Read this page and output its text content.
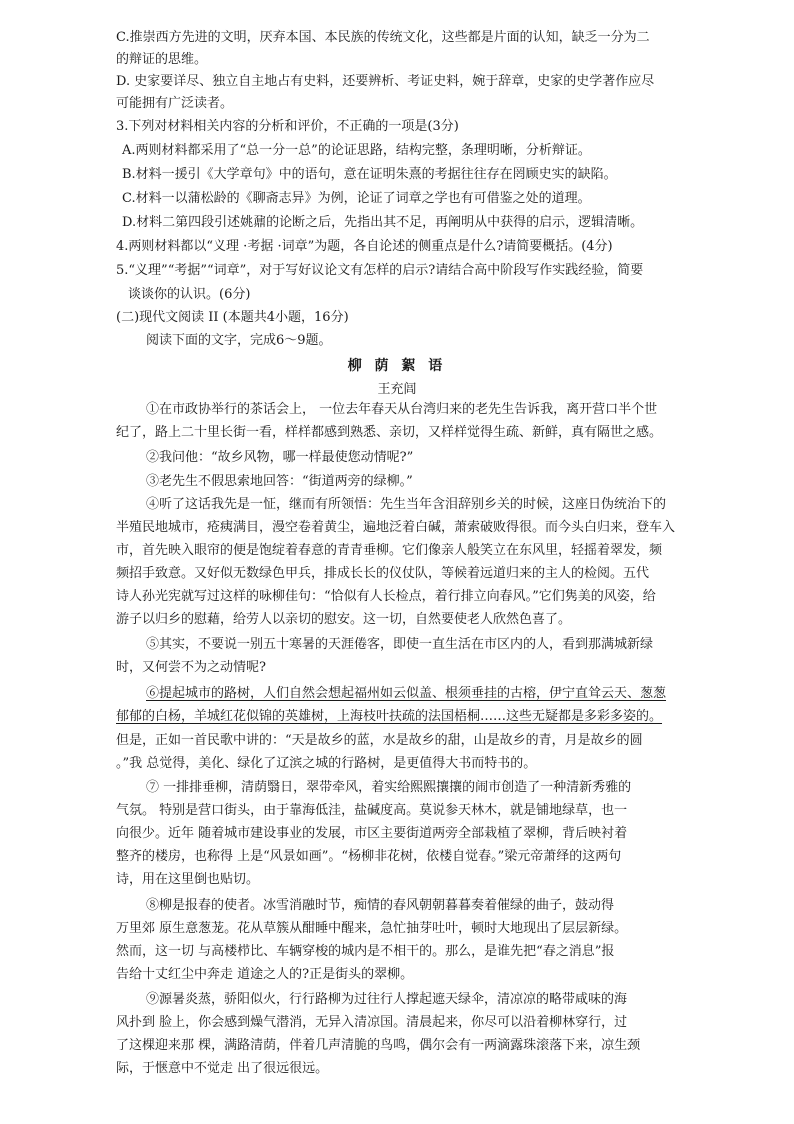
C.推崇西方先进的文明，厌弃本国、本民族的传统文化，这些都是片面的认知，缺乏一分为二
的辩证的思维。
D. 史家要详尽、独立自主地占有史料，还要辨析、考证史料，婉于辞章，史家的史学著作应尽
可能拥有广泛读者。
3.下列对材料相关内容的分析和评价，不正确的一项是(3分)
A.两则材料都采用了“总一分一总”的论证思路，结构完整，条理明晰，分析辩证。
B.材料一援引《大学章句》中的语句，意在证明朱熹的考据往往存在罔顾史实的缺陷。
C.材料一以蒲松龄的《聊斋志异》为例，论证了词章之学也有可借鉴之处的道理。
D.材料二第四段引述姚鼐的论断之后，先指出其不足，再阐明从中获得的启示，逻辑清晰。
4.两则材料都以“义理 ·考据 ·词章”为题，各自论述的侧重点是什么?请简要概括。(4分)
5.“义理”“考据”“词章”，对于写好议论文有怎样的启示?请结合高中阶段写作实践经验，简要
谈谈你的认识。(6分)
(二)现代文阅读 II (本题共4小题，16分)
阅读下面的文字，完成6～9题。
柳 荫 絮 语
王充闾
①在市政协举行的茶话会上， 一位去年春天从台湾归来的老先生告诉我，离开营口半个世
纪了，路上二十里长街一看，样样都感到熟悉、亲切，又样样觉得生疏、新鲜，真有隔世之感。
②我问他：“故乡风物，哪一样最使您动情呢?”
③老先生不假思索地回答：“街道两旁的绿柳。”
④听了这话我先是一怔，继而有所领悟：先生当年含泪辞别乡关的时候，这座日伪统治下的
半殖民地城市，疮痍满目，漫空卷着黄尘，遍地泛着白碱，萧索破败得很。而今头白归来，登车入
市，首先映入眼帘的便是饱绽着春意的青青垂柳。它们像亲人般笑立在东风里，轻摇着翠发，频
频招手致意。又好似无数绿色甲兵，排成长长的仪仗队，等候着远道归来的主人的检阅。五代
诗人孙光宪就写过这样的咏柳佳句：“恰似有人长检点，着行排立向春风。”它们隽美的风姿，给
游子以归乡的慰藉，给劳人以亲切的慰安。这一切，自然要使老人欣然色喜了。
⑤其实，不要说一别五十寒暑的天涯倦客，即使一直生活在市区内的人，看到那满城新绿
时，又何尝不为之动情呢?
⑥提起城市的路树，人们自然会想起福州如云似盖、根须垂挂的古榕，伊宁直耸云天、葱葱
郁郁的白杨，羊城红花似锦的英雄树，上海枝叶扶疏的法国梧桐……这些无疑都是多彩多姿的。
但是，正如一首民歌中讲的：“天是故乡的蓝，水是故乡的甜，山是故乡的青，月是故乡的圆
。”我 总觉得，美化、绿化了辽滨之城的行路树，是更值得大书而特书的。
⑦ 一排排垂柳，清荫翳日，翠带牵风，着实给熙熙攘攘的闹市创造了一种清新秀雅的
气氛。 特别是营口街头，由于靠海低洼，盐碱度高。莫说参天林木，就是铺地绿草，也一
向很少。近年 随着城市建设事业的发展，市区主要街道两旁全部栽植了翠柳，背后映衬着
整齐的楼房，也称得 上是“风景如画”。“杨柳非花树，依楼自觉春。”梁元帝萧绎的这两句
诗，用在这里倒也贴切。
⑧柳是报春的使者。冰雪消融时节，痴情的春风朝朝暮暮奏着催绿的曲子，鼓动得
万里郊 原生意葱茏。花从草簇从酣睡中醒来，急忙抽芽吐叶，顿时大地现出了层层新绿。
然而，这一切 与高楼栉比、车辆穿梭的城内是不相干的。那么，是谁先把“春之消息”报
告给十丈红尘中奔走 道途之人的?正是街头的翠柳。
⑨源暑炎蒸，骄阳似火，行行路柳为过往行人撑起遮天绿伞，清凉凉的略带咸味的海
风扑到 脸上，你会感到燥气潜消，无异入清凉国。清晨起来，你尽可以沿着柳林穿行，过
了这棵迎来那 棵，满路清荫，伴着几声清脆的鸟鸣，偶尔会有一两滴露珠滚落下来，凉生颈
际，于惬意中不觉走 出了很远很远。
